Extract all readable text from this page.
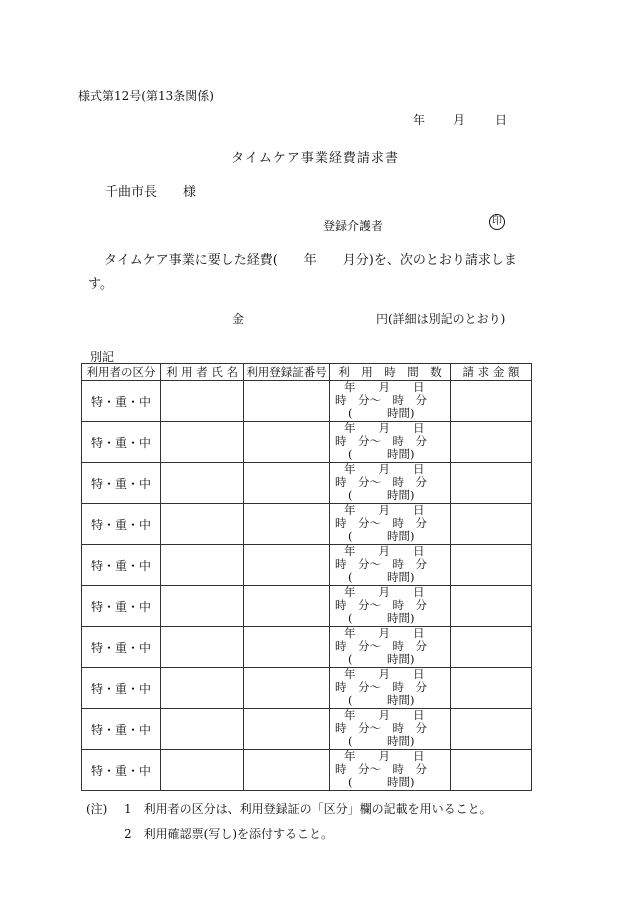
様式第12号(第13条関係)
年 月	日
タイムケア事業経費請求書
千曲市長　　様
登録介護者	印
タイムケア事業に要した経費(　　年　　月分)を、次のとおり請求します。
金　　　　　　　　　　　円(詳細は別記のとおり)
別記
利用者の区分	利 用 者 氏 名	利用登録証番号	利　用　時　間　数	請 求 金 額
特・重・中			年　　月　　日
時　分～　時　分
(　　　時間)	

特・重・中			年　　月　　日
時　分～　時　分
(　　　時間)	

特・重・中			年　　月　　日
時　分～　時　分
(　　　時間)	

特・重・中			年　　月　　日
時　分～　時　分
(　　　時間)	

特・重・中			年　　月　　日
時　分～　時　分
(　　　時間)	

特・重・中			年　　月　　日
時　分～　時　分
(　　　時間)	

特・重・中			年　　月　　日
時　分～　時　分
(　　　時間)	

特・重・中			年　　月　　日
時　分～　時　分
(　　　時間)	

特・重・中			年　　月　　日
時　分～　時　分
(　　　時間)	

特・重・中			年　　月　　日
時　分～　時　分
(　　　時間)	

(注) 1　利用者の区分は、利用登録証の「区分」欄の記載を用いること。
2　利用確認票(写し)を添付すること。
